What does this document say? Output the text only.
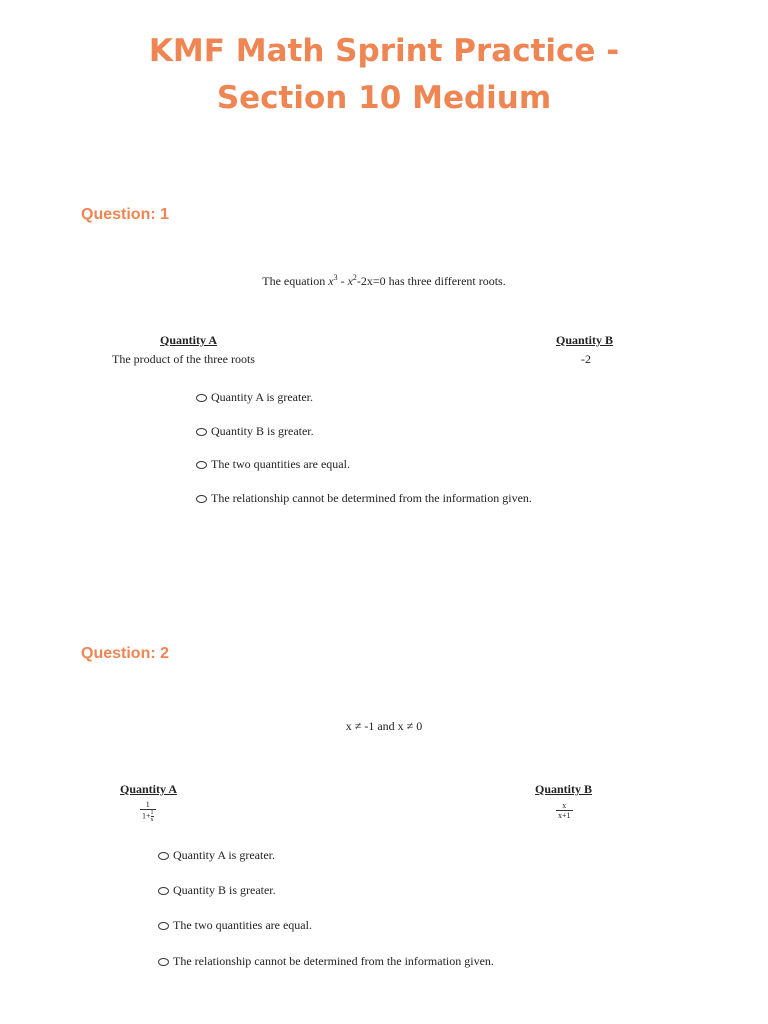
KMF Math Sprint Practice -
Section 10 Medium
Question: 1
The equation $x^3 - x^2-2x=0$ has three different roots.
Quantity A
The product of the three roots
Quantity B
-2
Quantity A is greater.
Quantity B is greater.
The two quantities are equal.
The relationship cannot be determined from the information given.
Question: 2
x ≠ -1 and x ≠ 0
Quantity A
$\frac{1}{1+ \frac{1}{x}}$
Quantity B
$\frac{x}{x+1}$
Quantity A is greater.
Quantity B is greater.
The two quantities are equal.
The relationship cannot be determined from the information given.
